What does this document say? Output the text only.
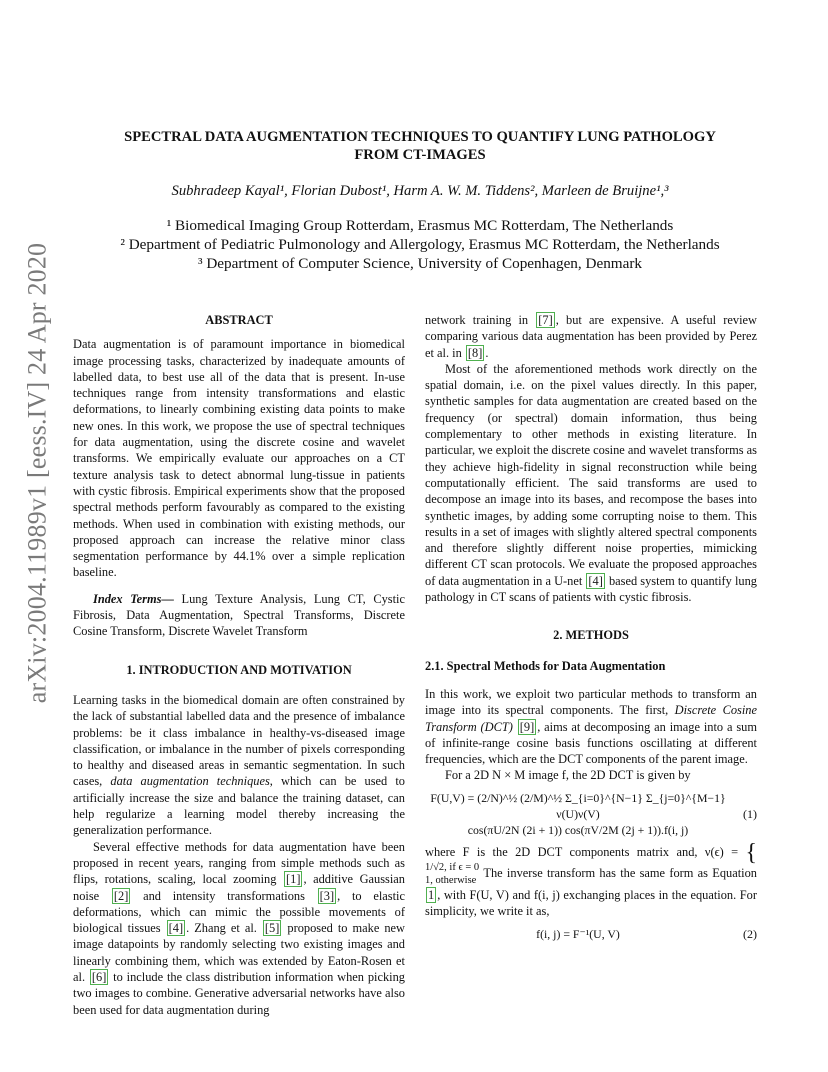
arXiv:2004.11989v1 [eess.IV] 24 Apr 2020
SPECTRAL DATA AUGMENTATION TECHNIQUES TO QUANTIFY LUNG PATHOLOGY
FROM CT-IMAGES
Subhradeep Kayal¹, Florian Dubost¹, Harm A. W. M. Tiddens², Marleen de Bruijne¹,³
¹ Biomedical Imaging Group Rotterdam, Erasmus MC Rotterdam, The Netherlands
² Department of Pediatric Pulmonology and Allergology, Erasmus MC Rotterdam, the Netherlands
³ Department of Computer Science, University of Copenhagen, Denmark
ABSTRACT

Data augmentation is of paramount importance in biomedical image processing tasks, characterized by inadequate amounts of labelled data, to best use all of the data that is present. In-use techniques range from intensity transformations and elastic deformations, to linearly combining existing data points to make new ones. In this work, we propose the use of spectral techniques for data augmentation, using the discrete cosine and wavelet transforms. We empirically evaluate our approaches on a CT texture analysis task to detect abnormal lung-tissue in patients with cystic fibrosis. Empirical experiments show that the proposed spectral methods perform favourably as compared to the existing methods. When used in combination with existing methods, our proposed approach can increase the relative minor class segmentation performance by 44.1% over a simple replication baseline.

Index Terms— Lung Texture Analysis, Lung CT, Cystic Fibrosis, Data Augmentation, Spectral Transforms, Discrete Cosine Transform, Discrete Wavelet Transform

1. INTRODUCTION AND MOTIVATION

Learning tasks in the biomedical domain are often constrained by the lack of substantial labelled data and the presence of imbalance problems: be it class imbalance in healthy-vs-diseased image classification, or imbalance in the number of pixels corresponding to healthy and diseased areas in semantic segmentation. In such cases, data augmentation techniques, which can be used to artificially increase the size and balance the training dataset, can help regularize a learning model thereby increasing the generalization performance.

Several effective methods for data augmentation have been proposed in recent years, ranging from simple methods such as flips, rotations, scaling, local zooming [1] , additive Gaussian noise [2] and intensity transformations [3] , to elastic deformations, which can mimic the possible movements of biological tissues [4] . Zhang et al. [5] proposed to make new image datapoints by randomly selecting two existing images and linearly combining them, which was extended by Eaton-Rosen et al. [6] to include the class distribution information when picking two images to combine. Generative adversarial networks have also been used for data augmentation during

network training in [7] , but are expensive. A useful review comparing various data augmentation has been provided by Perez et al. in [8] .

Most of the aforementioned methods work directly on the spatial domain, i.e. on the pixel values directly. In this paper, synthetic samples for data augmentation are created based on the frequency (or spectral) domain information, thus being complementary to other methods in existing literature. In particular, we exploit the discrete cosine and wavelet transforms as they achieve high-fidelity in signal reconstruction while being computationally efficient. The said transforms are used to decompose an image into its bases, and recompose the bases into synthetic images, by adding some corrupting noise to them. This results in a set of images with slightly altered spectral components and therefore slightly different noise properties, mimicking different CT scan protocols. We evaluate the proposed approaches of data augmentation in a U-net [4] based system to quantify lung pathology in CT scans of patients with cystic fibrosis.

2. METHODS
2.1. Spectral Methods for Data Augmentation

In this work, we exploit two particular methods to transform an image into its spectral components. The first, Discrete Cosine Transform (DCT) [9] , aims at decomposing an image into a sum of infinite-range cosine basis functions oscillating at different frequencies, which are the DCT components of the parent image.

For a 2D N × M image f, the 2D DCT is given by

F(U,V) = (2/N)^½ (2/M)^½ Σ_{i=0}^{N−1} Σ_{j=0}^{M−1} ν(U)ν(V)
cos(πU/2N (2i + 1)) cos(πV/2M (2j + 1)).f(i, j)
(1)

where F is the 2D DCT components matrix and, ν(ϵ) = {
1/√2, if ϵ = 0
1, otherwise
The inverse transform has the same form as Equation 1 , with F(U, V) and f(i, j) exchanging places in the equation. For simplicity, we write it as,

f(i, j) = F⁻¹(U, V)	(2)
